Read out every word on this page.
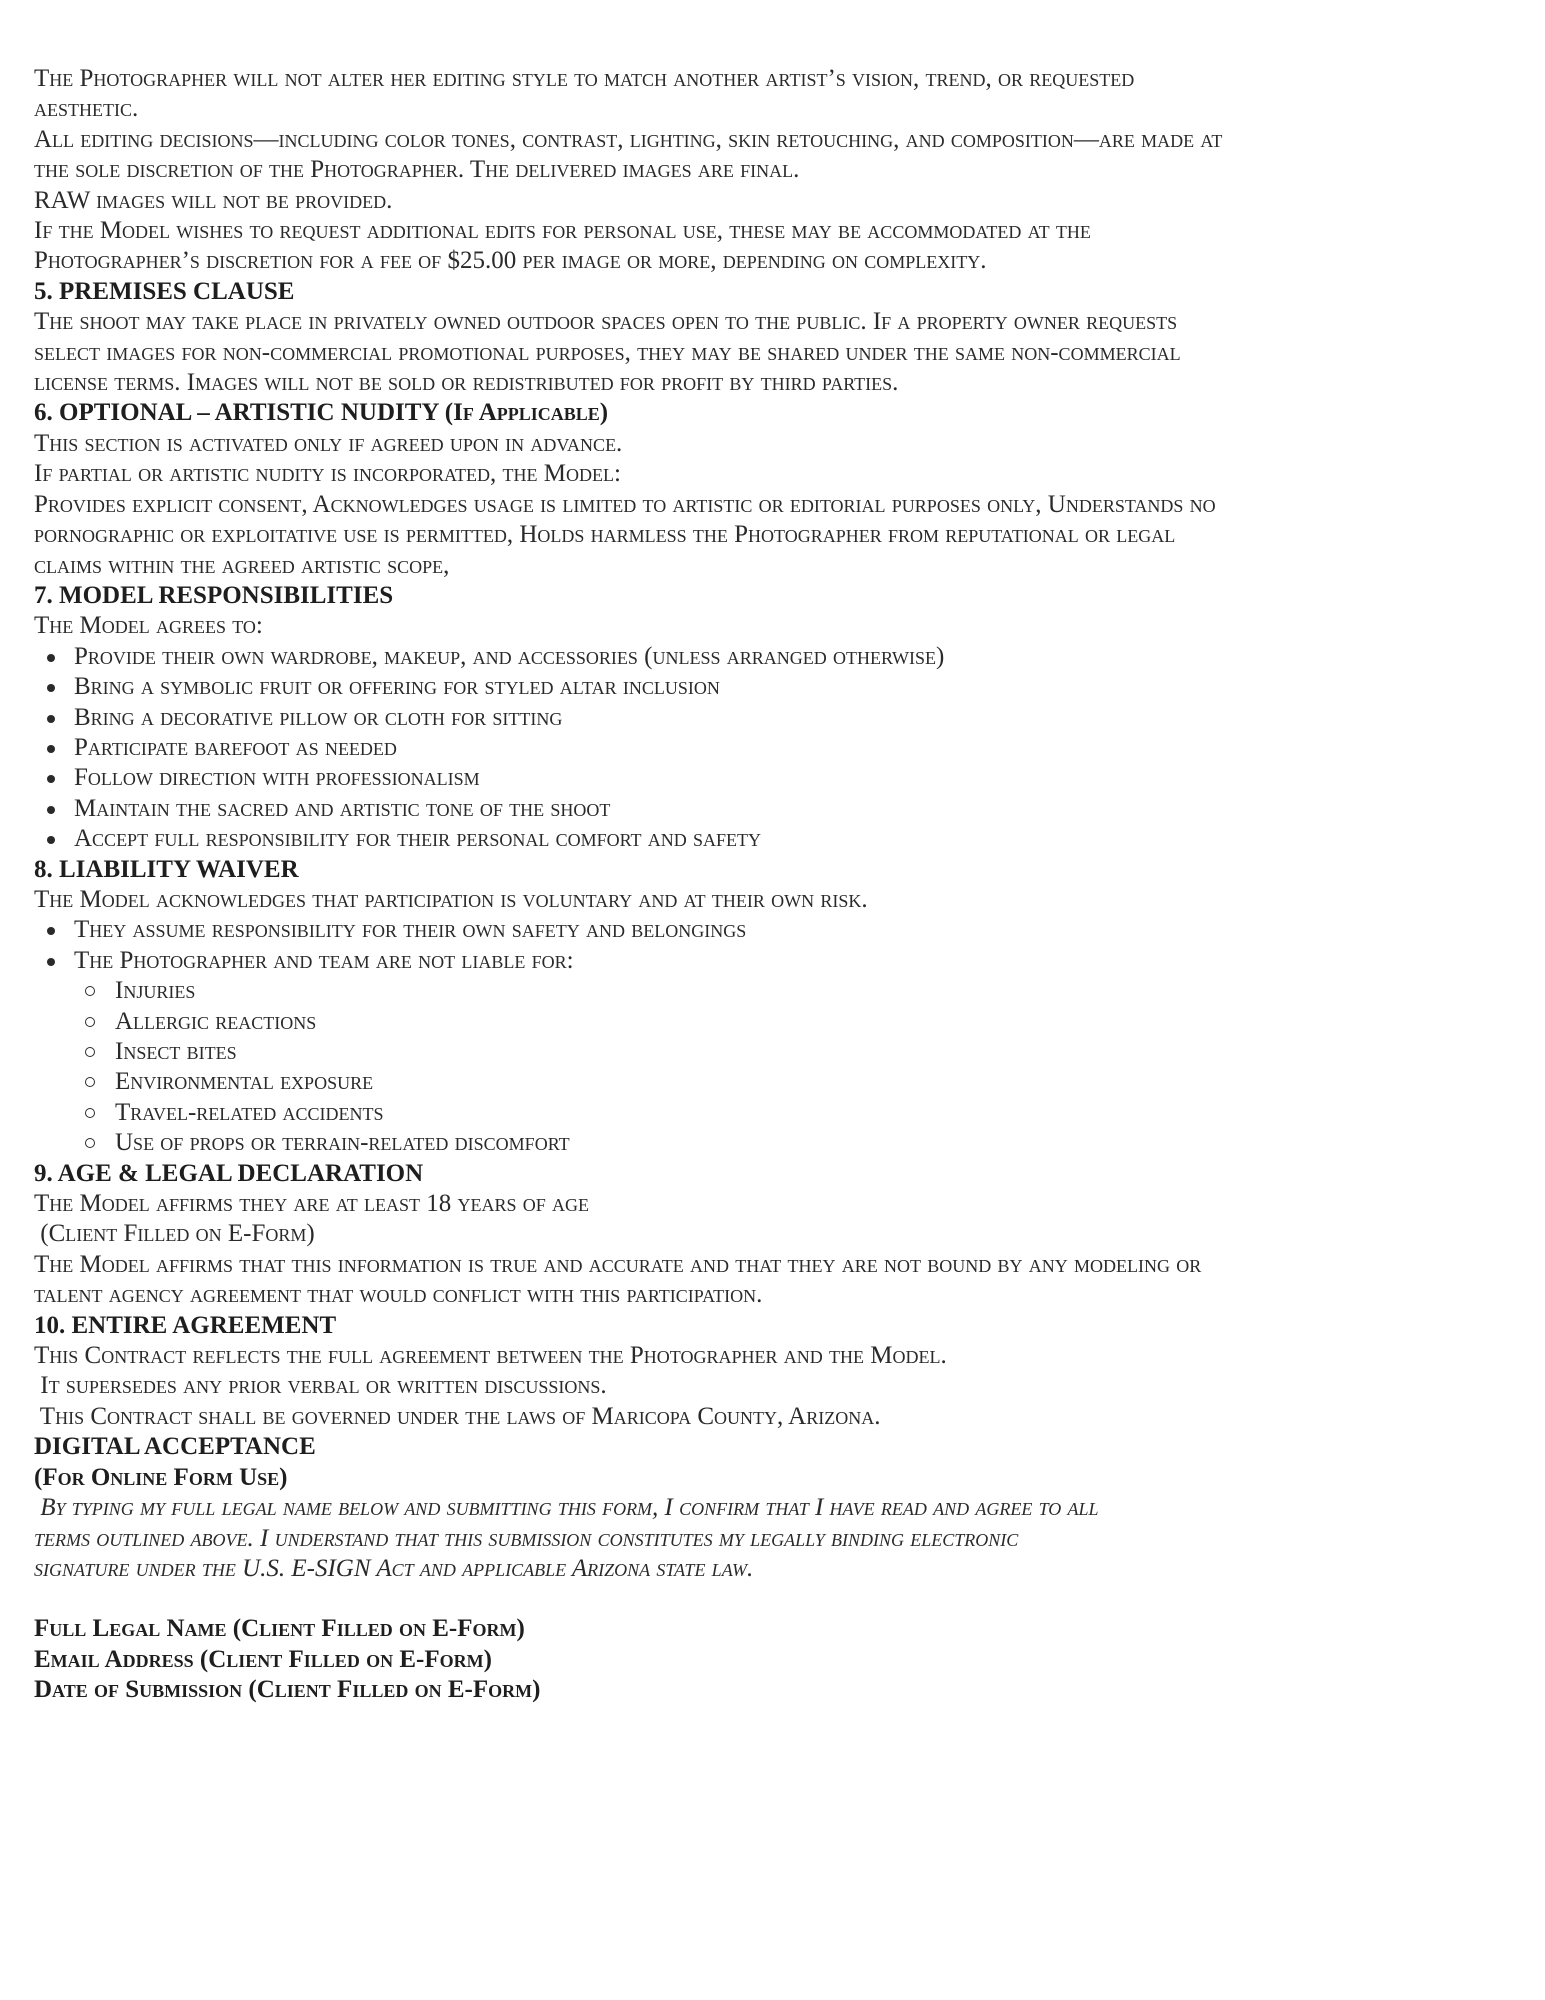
The Photographer will not alter her editing style to match another artist’s vision, trend, or requested
aesthetic.
All editing decisions—including color tones, contrast, lighting, skin retouching, and composition—are made at
the sole discretion of the Photographer. The delivered images are final.
RAW images will not be provided.
If the Model wishes to request additional edits for personal use, these may be accommodated at the
Photographer’s discretion for a fee of $25.00 per image or more, depending on complexity.
5. PREMISES CLAUSE
The shoot may take place in privately owned outdoor spaces open to the public. If a property owner requests
select images for non-commercial promotional purposes, they may be shared under the same non-commercial
license terms. Images will not be sold or redistributed for profit by third parties.
6. OPTIONAL – ARTISTIC NUDITY (If Applicable)
This section is activated only if agreed upon in advance.
If partial or artistic nudity is incorporated, the Model:
Provides explicit consent, Acknowledges usage is limited to artistic or editorial purposes only, Understands no
pornographic or exploitative use is permitted, Holds harmless the Photographer from reputational or legal
claims within the agreed artistic scope,
7. MODEL RESPONSIBILITIES
The Model agrees to:
Provide their own wardrobe, makeup, and accessories (unless arranged otherwise)
Bring a symbolic fruit or offering for styled altar inclusion
Bring a decorative pillow or cloth for sitting
Participate barefoot as needed
Follow direction with professionalism
Maintain the sacred and artistic tone of the shoot
Accept full responsibility for their personal comfort and safety
8. LIABILITY WAIVER
The Model acknowledges that participation is voluntary and at their own risk.
They assume responsibility for their own safety and belongings
The Photographer and team are not liable for:
Injuries
Allergic reactions
Insect bites
Environmental exposure
Travel-related accidents
Use of props or terrain-related discomfort
9. AGE & LEGAL DECLARATION
The Model affirms they are at least 18 years of age
(Client Filled on E-Form)
The Model affirms that this information is true and accurate and that they are not bound by any modeling or
talent agency agreement that would conflict with this participation.
10. ENTIRE AGREEMENT
This Contract reflects the full agreement between the Photographer and the Model.
It supersedes any prior verbal or written discussions.
This Contract shall be governed under the laws of Maricopa County, Arizona.
DIGITAL ACCEPTANCE
(For Online Form Use)
By typing my full legal name below and submitting this form, I confirm that I have read and agree to all
terms outlined above. I understand that this submission constitutes my legally binding electronic
signature under the U.S. E-SIGN Act and applicable Arizona state law.
Full Legal Name (Client Filled on E-Form)
Email Address (Client Filled on E-Form)
Date of Submission (Client Filled on E-Form)
